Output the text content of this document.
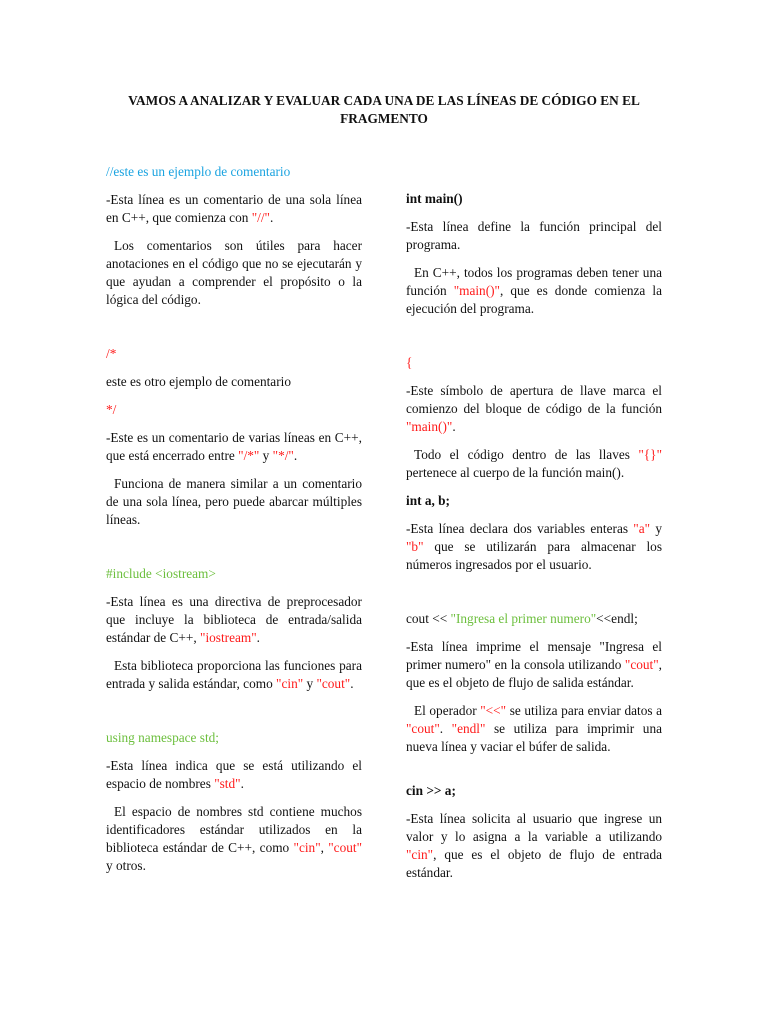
VAMOS A ANALIZAR Y EVALUAR CADA UNA DE LAS LÍNEAS DE CÓDIGO EN EL FRAGMENTO

//este es un ejemplo de comentario

-Esta línea es un comentario de una sola línea en C++, que comienza con "//".

Los comentarios son útiles para hacer anotaciones en el código que no se ejecutarán y que ayudan a comprender el propósito o la lógica del código.

/*

este es otro ejemplo de comentario

*/

-Este es un comentario de varias líneas en C++, que está encerrado entre "/*" y "*/".

Funciona de manera similar a un comentario de una sola línea, pero puede abarcar múltiples líneas.

#include <iostream>

-Esta línea es una directiva de preprocesador que incluye la biblioteca de entrada/salida estándar de C++, "iostream".

Esta biblioteca proporciona las funciones para entrada y salida estándar, como "cin" y "cout".

using namespace std;

-Esta línea indica que se está utilizando el espacio de nombres "std".

El espacio de nombres std contiene muchos identificadores estándar utilizados en la biblioteca estándar de C++, como "cin", "cout" y otros.

int main()

-Esta línea define la función principal del programa.

En C++, todos los programas deben tener una función "main()", que es donde comienza la ejecución del programa.

{

-Este símbolo de apertura de llave marca el comienzo del bloque de código de la función "main()".

Todo el código dentro de las llaves "{}" pertenece al cuerpo de la función main().

int a, b;

-Esta línea declara dos variables enteras "a" y "b" que se utilizarán para almacenar los números ingresados por el usuario.

cout << "Ingresa el primer numero"<<endl;

-Esta línea imprime el mensaje "Ingresa el primer numero" en la consola utilizando "cout", que es el objeto de flujo de salida estándar.

El operador "<<" se utiliza para enviar datos a "cout". "endl" se utiliza para imprimir una nueva línea y vaciar el búfer de salida.

cin >> a;

-Esta línea solicita al usuario que ingrese un valor y lo asigna a la variable a utilizando "cin", que es el objeto de flujo de entrada estándar.
